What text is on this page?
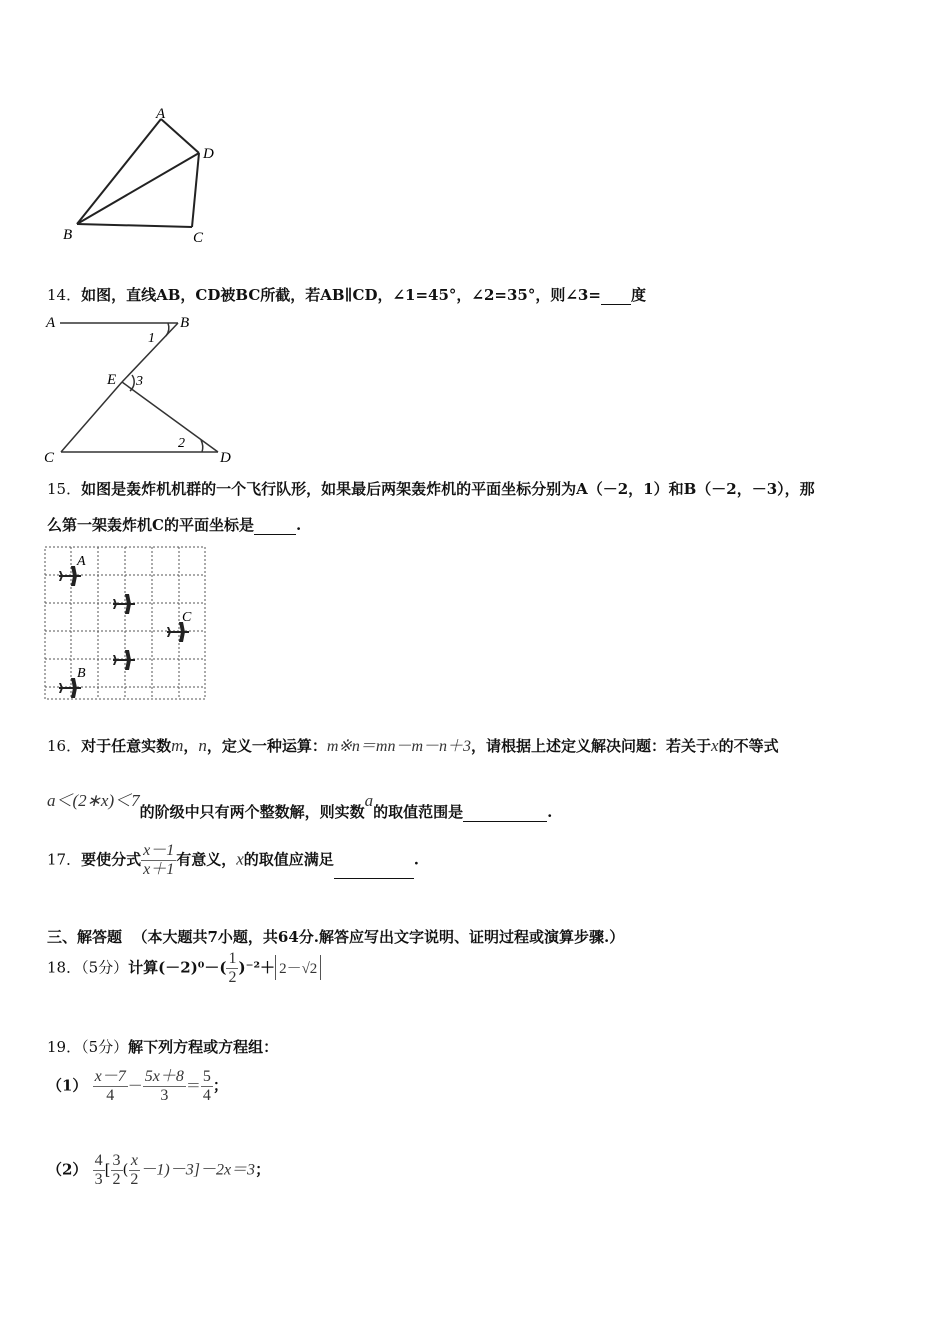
A
D
B	C
14．如图，直线AB，CD被BC所截，若AB∥CD，∠1=45°，∠2=35°，则∠3= 度
A	B
1
E 3
2
C	D
15．如图是轰炸机机群的一个飞行队形，如果最后两架轰炸机的平面坐标分别为A（－2，1）和B（－2，－3），那
么第一架轰炸机C的平面坐标是	.
A
C
B
16．对于任意实数m，n，定义一种运算：m※n＝mn－m－n＋3，请根据上述定义解决问题：若关于x的不等式
a＜(2∗x)＜7的阶级中只有两个整数解，则实数a的取值范围是	.
17．要使分式 $\frac{x-1}{x+1}$ 有意义，x的取值应满足	.
三、解答题 （本大题共7小题，共64分.解答应写出文字说明、证明过程或演算步骤.）
18．（5分）计算$(-2)^0-( \frac{1}{2} )^{-2}+ 2-√2$
19．（5分）解下列方程或方程组：
$(1) \frac{x-7}{4} - \frac{5x+8}{3} = \frac{5}{4}$ ；
$(2) \frac{4}{3}$ [ $\frac{3}{2}$ ( $\frac{x}{2} -1)-3]-2x=3$；
